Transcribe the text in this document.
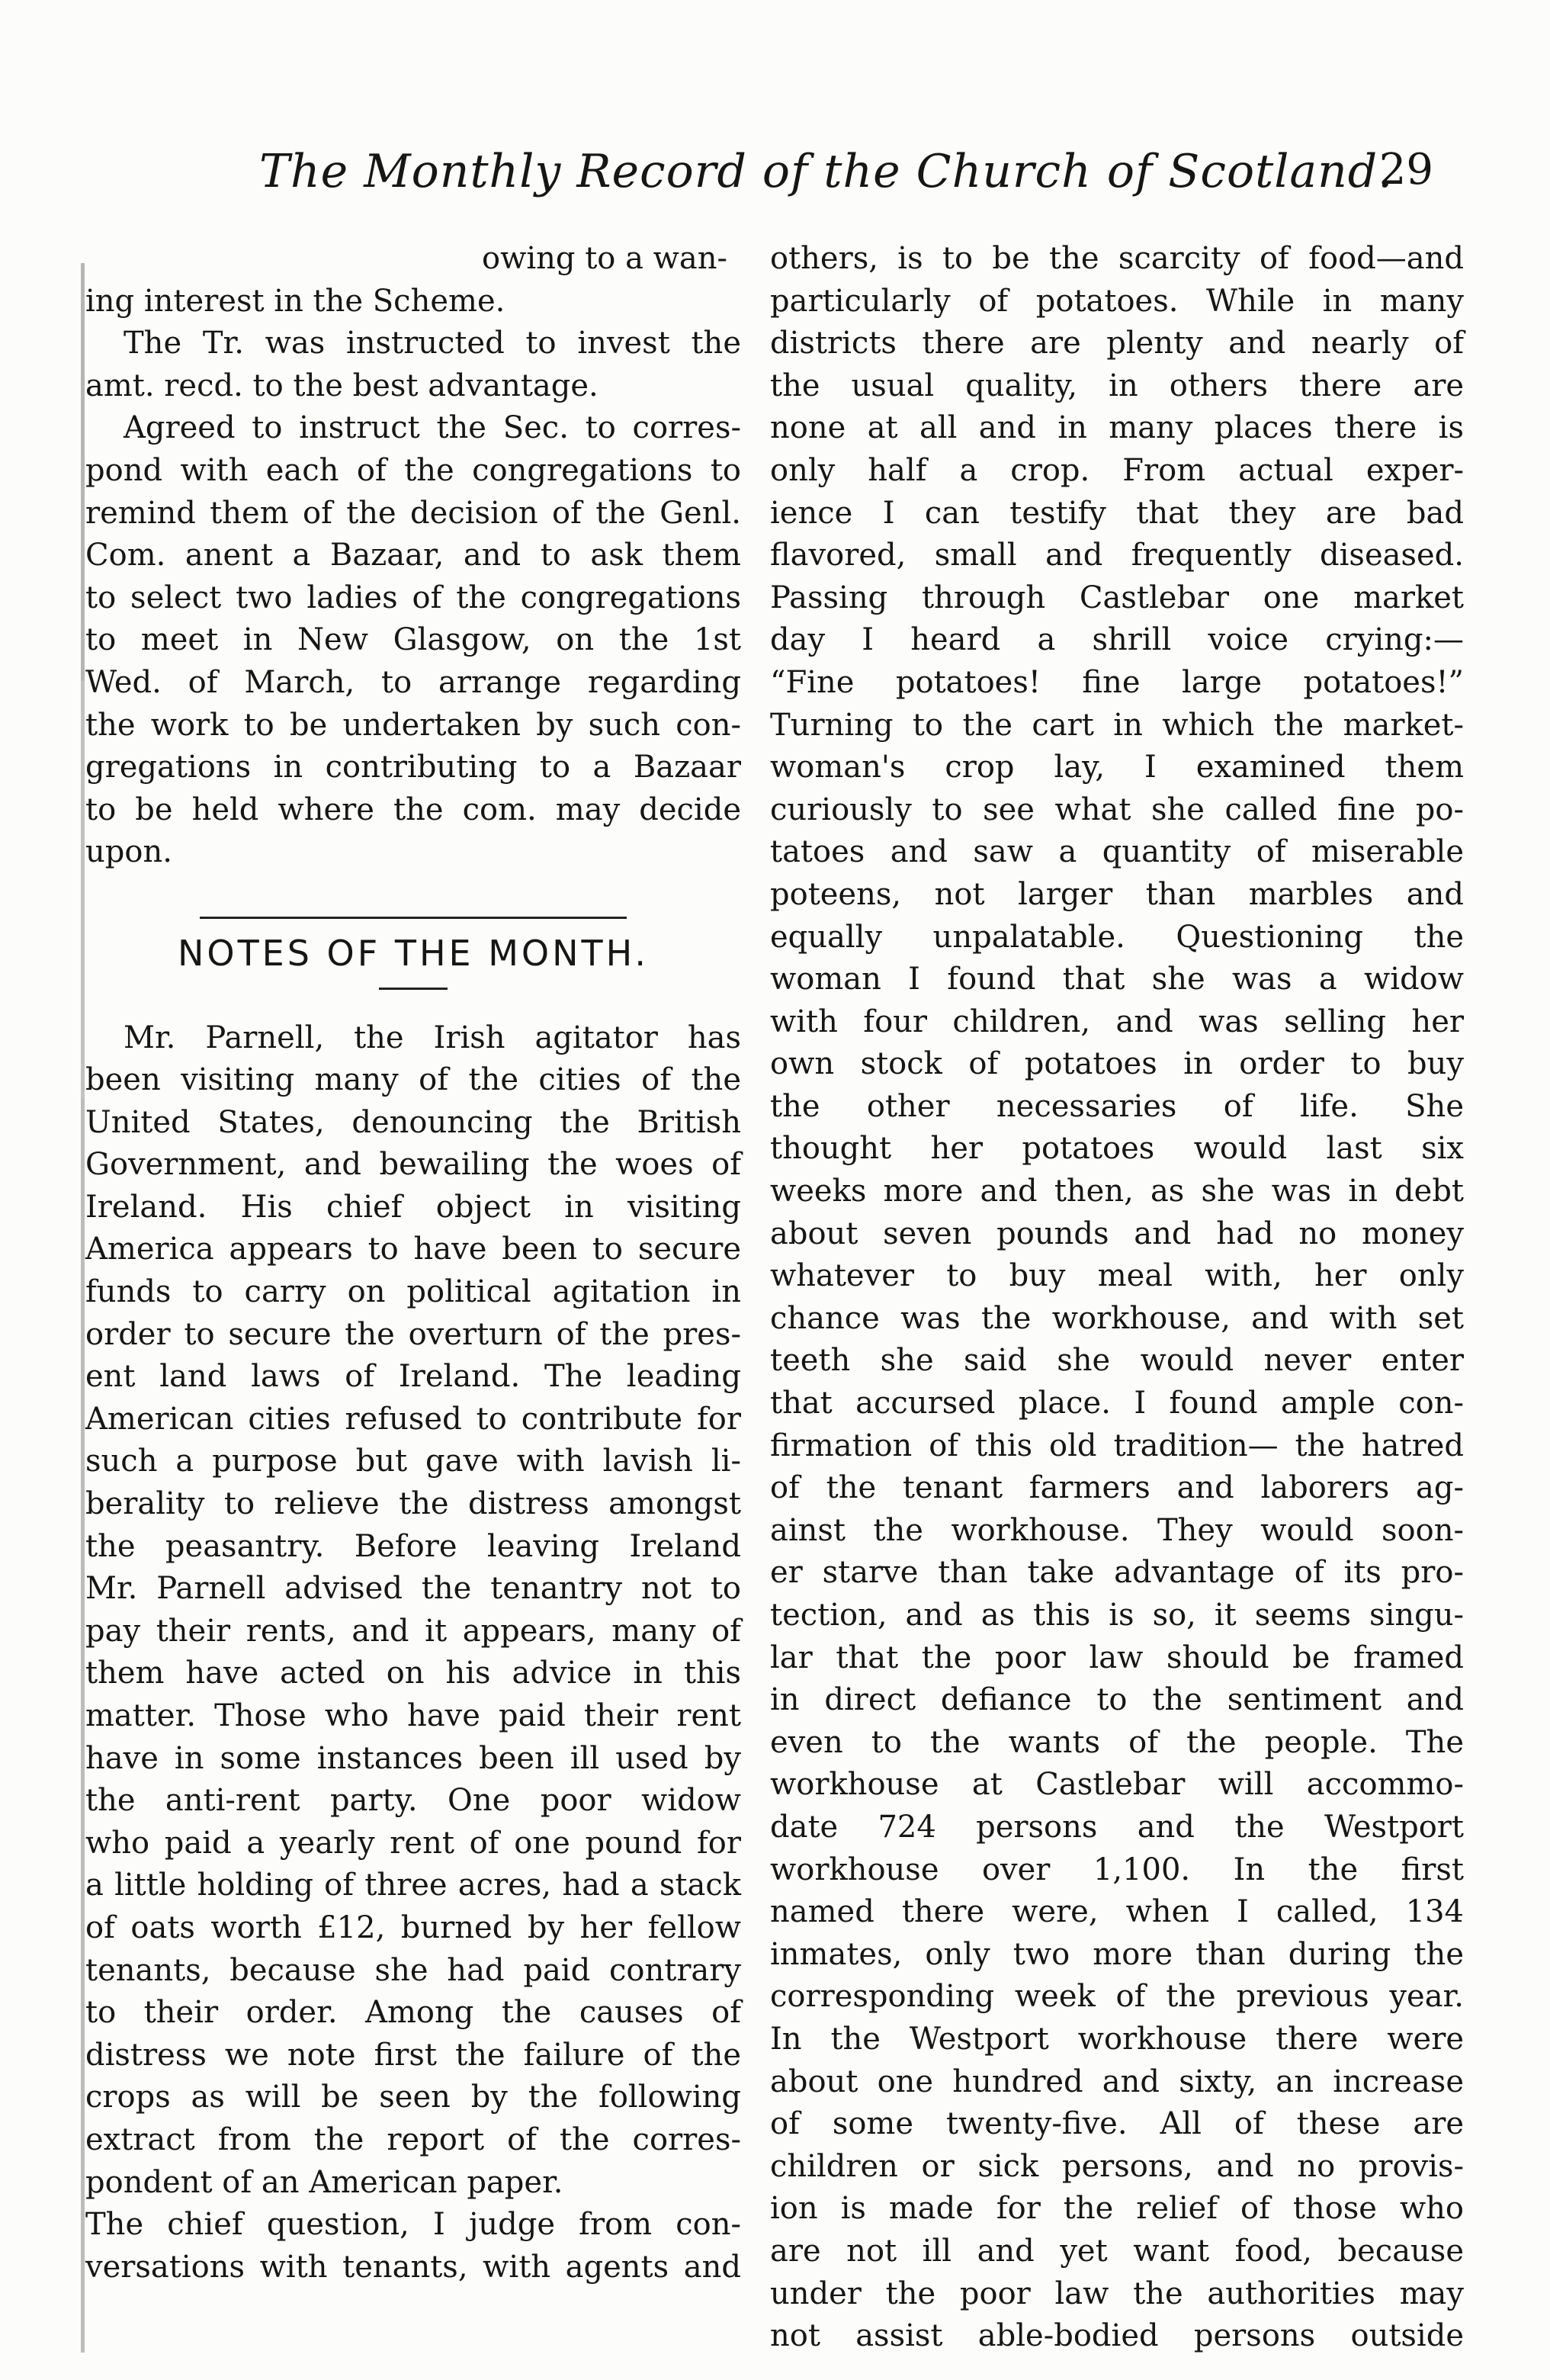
The Monthly Record of the Church of Scotland.
29
owing to a wan-
ing interest in the Scheme.
The Tr. was instructed to invest the
amt. recd. to the best advantage.
Agreed to instruct the Sec. to corres-
pond with each of the congregations to
remind them of the decision of the Genl.
Com. anent a Bazaar, and to ask them
to select two ladies of the congregations
to meet in New Glasgow, on the 1st
Wed. of March, to arrange regarding
the work to be undertaken by such con-
gregations in contributing to a Bazaar
to be held where the com. may decide
upon.
NOTES OF THE MONTH.
Mr. Parnell, the Irish agitator has
been visiting many of the cities of the
United States, denouncing the British
Government, and bewailing the woes of
Ireland. His chief object in visiting
America appears to have been to secure
funds to carry on political agitation in
order to secure the overturn of the pres-
ent land laws of Ireland. The leading
American cities refused to contribute for
such a purpose but gave with lavish li-
berality to relieve the distress amongst
the peasantry. Before leaving Ireland
Mr. Parnell advised the tenantry not to
pay their rents, and it appears, many of
them have acted on his advice in this
matter. Those who have paid their rent
have in some instances been ill used by
the anti-rent party. One poor widow
who paid a yearly rent of one pound for
a little holding of three acres, had a stack
of oats worth £12, burned by her fellow
tenants, because she had paid contrary
to their order. Among the causes of
distress we note first the failure of the
crops as will be seen by the following
extract from the report of the corres-
pondent of an American paper.
The chief question, I judge from con-
versations with tenants, with agents and
others, is to be the scarcity of food—and
particularly of potatoes. While in many
districts there are plenty and nearly of
the usual quality, in others there are
none at all and in many places there is
only half a crop. From actual exper-
ience I can testify that they are bad
flavored, small and frequently diseased.
Passing through Castlebar one market
day I heard a shrill voice crying:—
“Fine potatoes! fine large potatoes!”
Turning to the cart in which the market-
woman's crop lay, I examined them
curiously to see what she called fine po-
tatoes and saw a quantity of miserable
poteens, not larger than marbles and
equally unpalatable. Questioning the
woman I found that she was a widow
with four children, and was selling her
own stock of potatoes in order to buy
the other necessaries of life. She
thought her potatoes would last six
weeks more and then, as she was in debt
about seven pounds and had no money
whatever to buy meal with, her only
chance was the workhouse, and with set
teeth she said she would never enter
that accursed place. I found ample con-
firmation of this old tradition— the hatred
of the tenant farmers and laborers ag-
ainst the workhouse. They would soon-
er starve than take advantage of its pro-
tection, and as this is so, it seems singu-
lar that the poor law should be framed
in direct defiance to the sentiment and
even to the wants of the people. The
workhouse at Castlebar will accommo-
date 724 persons and the Westport
workhouse over 1,100. In the first
named there were, when I called, 134
inmates, only two more than during the
corresponding week of the previous year.
In the Westport workhouse there were
about one hundred and sixty, an increase
of some twenty-five. All of these are
children or sick persons, and no provis-
ion is made for the relief of those who
are not ill and yet want food, because
under the poor law the authorities may
not assist able-bodied persons outside
